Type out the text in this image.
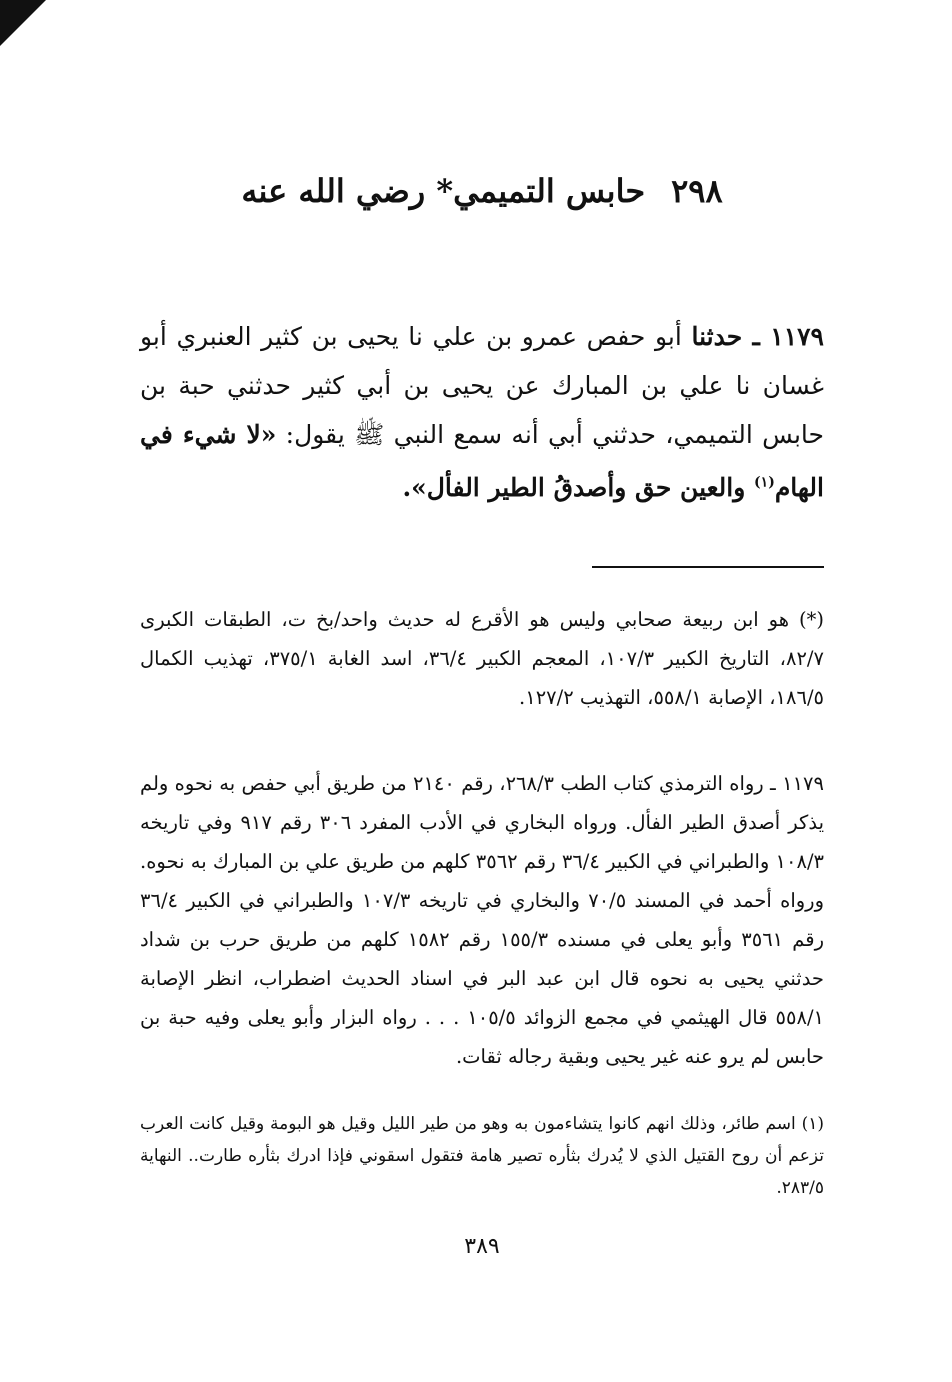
٢٩٨حابس التميمي* رضي الله عنه
١١٧٩ ـ حدثنا أبو حفص عمرو بن علي نا يحيى بن كثير العنبري أبو غسان نا علي بن المبارك عن يحيى بن أبي كثير حدثني حبة بن حابس التميمي، حدثني أبي أنه سمع النبي ﷺ يقول: «لا شيء في الهام$^{(١)}$ والعين حق وأصدقُ الطير الفأل».
(*) هو ابن ربيعة صحابي وليس هو الأقرع له حديث واحد/بخ ت، الطبقات الكبرى ٨٢/٧، التاريخ الكبير ١٠٧/٣، المعجم الكبير ٣٦/٤، اسد الغابة ٣٧٥/١، تهذيب الكمال ١٨٦/٥، الإصابة ٥٥٨/١، التهذيب ١٢٧/٢.
١١٧٩ ـ رواه الترمذي كتاب الطب ٢٦٨/٣، رقم ٢١٤٠ من طريق أبي حفص به نحوه ولم يذكر أصدق الطير الفأل. ورواه البخاري في الأدب المفرد ٣٠٦ رقم ٩١٧ وفي تاريخه ١٠٨/٣ والطبراني في الكبير ٣٦/٤ رقم ٣٥٦٢ كلهم من طريق علي بن المبارك به نحوه. ورواه أحمد في المسند ٧٠/٥ والبخاري في تاريخه ١٠٧/٣ والطبراني في الكبير ٣٦/٤ رقم ٣٥٦١ وأبو يعلى في مسنده ١٥٥/٣ رقم ١٥٨٢ كلهم من طريق حرب بن شداد حدثني يحيى به نحوه قال ابن عبد البر في اسناد الحديث اضطراب، انظر الإصابة ٥٥٨/١ قال الهيثمي في مجمع الزوائد ١٠٥/٥ . . . رواه البزار وأبو يعلى وفيه حبة بن حابس لم يرو عنه غير يحيى وبقية رجاله ثقات.
(١) اسم طائر، وذلك انهم كانوا يتشاءمون به وهو من طير الليل وقيل هو البومة وقيل كانت العرب تزعم أن روح القتيل الذي لا يُدرك بثأره تصير هامة فتقول اسقوني فإذا ادرك بثأره طارت.. النهاية ٢٨٣/٥.
٣٨٩
